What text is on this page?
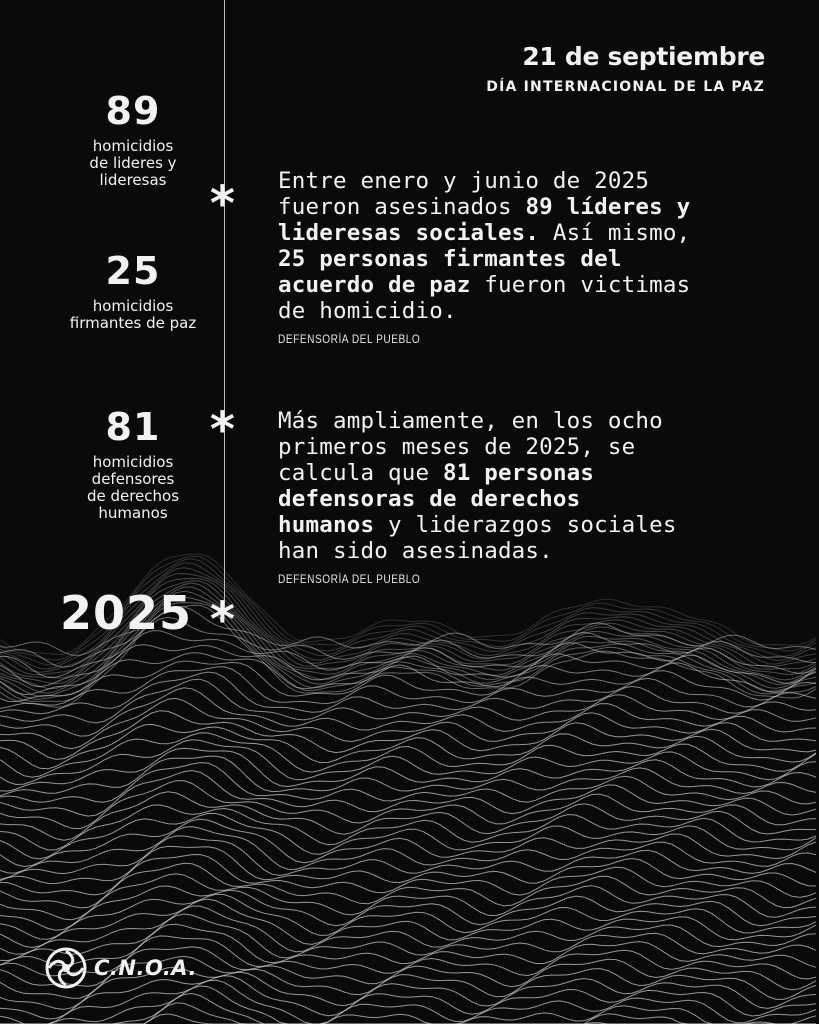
21 de septiembre
DÍA INTERNACIONAL DE LA PAZ
89
homicidios
de lideres y
lideresas
25
homicidios
firmantes de paz
81
homicidios
defensores
de derechos
humanos
*
*
*
Entre enero y junio de 2025
fueron asesinados 89 líderes y
lideresas sociales. Así mismo,
25 personas firmantes del
acuerdo de paz fueron victimas
de homicidio.
DEFENSORÍA DEL PUEBLO
Más ampliamente, en los ocho
primeros meses de 2025, se
calcula que 81 personas
defensoras de derechos
humanos y liderazgos sociales
han sido asesinadas.
DEFENSORÍA DEL PUEBLO
2025
C.N.O.A.
